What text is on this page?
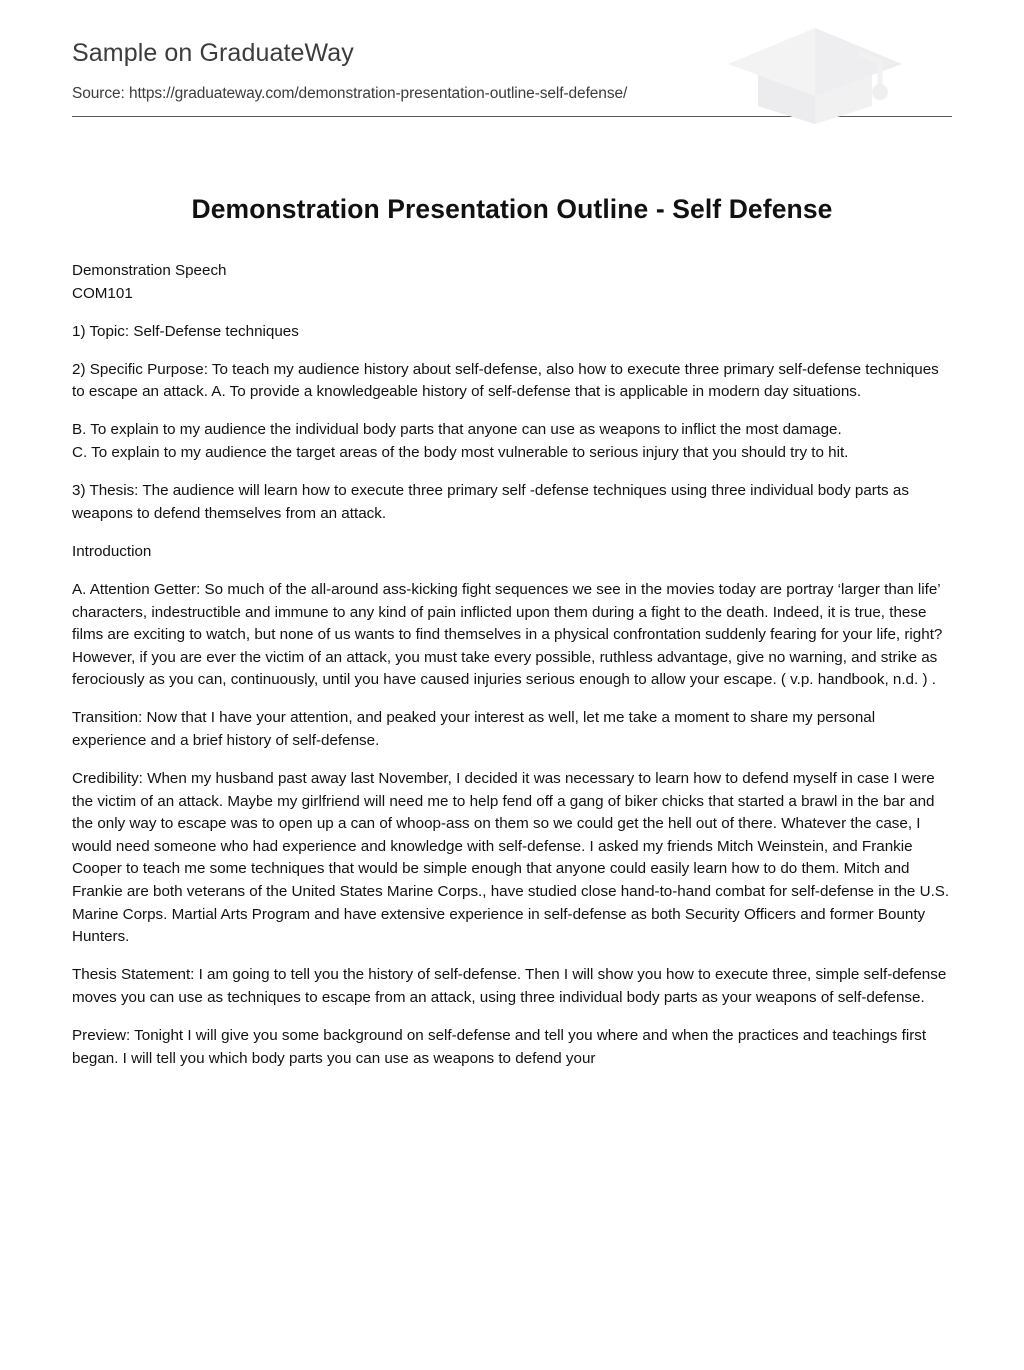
Sample on GraduateWay

Source: https://graduateway.com/demonstration-presentation-outline-self-defense/

Demonstration Presentation Outline - Self Defense

Demonstration Speech

COM101

1) Topic: Self-Defense techniques

2) Specific Purpose: To teach my audience history about self-defense, also how to execute three primary self-defense techniques to escape an attack. A. To provide a knowledgeable history of self-defense that is applicable in modern day situations.

B. To explain to my audience the individual body parts that anyone can use as weapons to inflict the most damage.

C. To explain to my audience the target areas of the body most vulnerable to serious injury that you should try to hit.

3) Thesis: The audience will learn how to execute three primary self -defense techniques using three individual body parts as weapons to defend themselves from an attack.

Introduction

A. Attention Getter: So much of the all-around ass-kicking fight sequences we see in the movies today are portray ‘larger than life’ characters, indestructible and immune to any kind of pain inflicted upon them during a fight to the death. Indeed, it is true, these films are exciting to watch, but none of us wants to find themselves in a physical confrontation suddenly fearing for your life, right? However, if you are ever the victim of an attack, you must take every possible, ruthless advantage, give no warning, and strike as ferociously as you can, continuously, until you have caused injuries serious enough to allow your escape. ( v.p. handbook, n.d. ) .

Transition: Now that I have your attention, and peaked your interest as well, let me take a moment to share my personal experience and a brief history of self-defense.

Credibility: When my husband past away last November, I decided it was necessary to learn how to defend myself in case I were the victim of an attack. Maybe my girlfriend will need me to help fend off a gang of biker chicks that started a brawl in the bar and the only way to escape was to open up a can of whoop-ass on them so we could get the hell out of there. Whatever the case, I would need someone who had experience and knowledge with self-defense. I asked my friends Mitch Weinstein, and Frankie Cooper to teach me some techniques that would be simple enough that anyone could easily learn how to do them. Mitch and Frankie are both veterans of the United States Marine Corps., have studied close hand-to-hand combat for self-defense in the U.S. Marine Corps. Martial Arts Program and have extensive experience in self-defense as both Security Officers and former Bounty Hunters.

Thesis Statement: I am going to tell you the history of self-defense. Then I will show you how to execute three, simple self-defense moves you can use as techniques to escape from an attack, using three individual body parts as your weapons of self-defense.

Preview: Tonight I will give you some background on self-defense and tell you where and when the practices and teachings first began. I will tell you which body parts you can use as weapons to defend your
